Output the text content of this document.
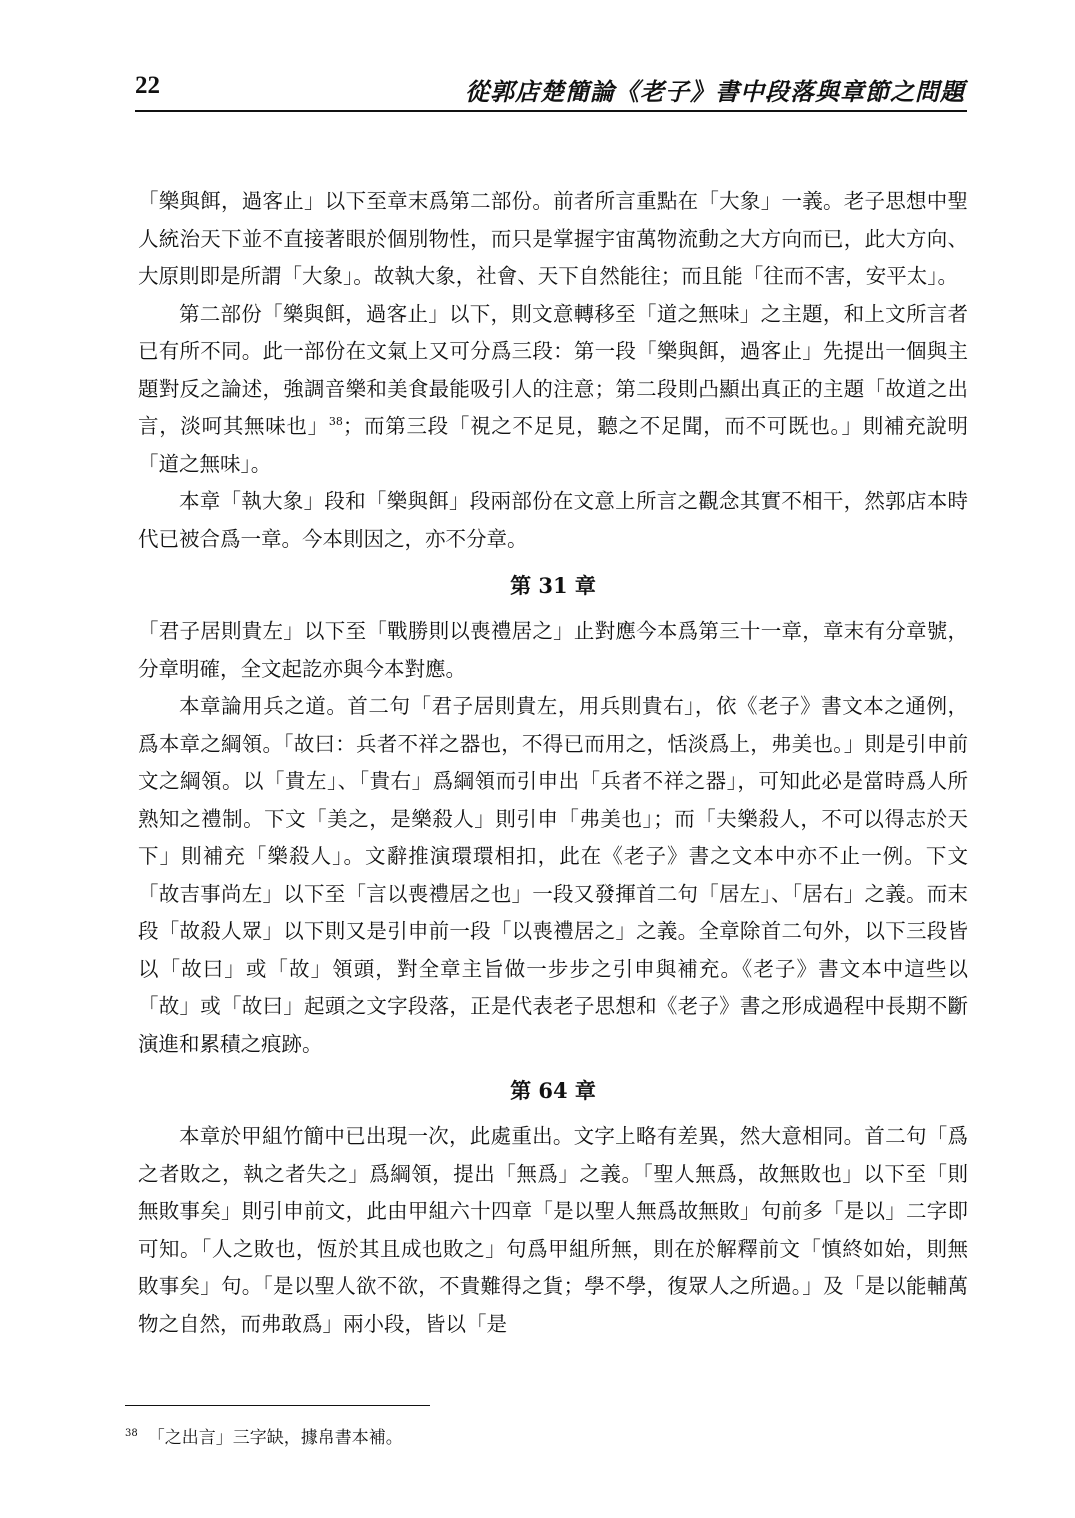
22	從郭店楚簡論《老子》書中段落與章節之問題

「樂與餌，過客止」以下至章末爲第二部份。前者所言重點在「大象」一義。老子思想中聖人統治天下並不直接著眼於個別物性，而只是掌握宇宙萬物流動之大方向而已，此大方向、大原則即是所謂「大象」。故執大象，社會、天下自然能往；而且能「往而不害，安平太」。

第二部份「樂與餌，過客止」以下，則文意轉移至「道之無味」之主題，和上文所言者已有所不同。此一部份在文氣上又可分爲三段：第一段「樂與餌，過客止」先提出一個與主題對反之論述，強調音樂和美食最能吸引人的注意；第二段則凸顯出真正的主題「故道之出言，淡呵其無味也」$^{38}$；而第三段「視之不足見，聽之不足聞，而不可既也。」則補充說明「道之無味」。

本章「執大象」段和「樂與餌」段兩部份在文意上所言之觀念其實不相干，然郭店本時代已被合爲一章。今本則因之，亦不分章。

第 31 章

「君子居則貴左」以下至「戰勝則以喪禮居之」止對應今本爲第三十一章，章末有分章號，分章明確，全文起訖亦與今本對應。

本章論用兵之道。首二句「君子居則貴左，用兵則貴右」，依《老子》書文本之通例，爲本章之綱領。「故曰：兵者不祥之器也，不得已而用之，恬淡爲上，弗美也。」則是引申前文之綱領。以「貴左」、「貴右」爲綱領而引申出「兵者不祥之器」，可知此必是當時爲人所熟知之禮制。下文「美之，是樂殺人」則引申「弗美也」；而「夫樂殺人，不可以得志於天下」則補充「樂殺人」。文辭推演環環相扣，此在《老子》書之文本中亦不止一例。下文「故吉事尚左」以下至「言以喪禮居之也」一段又發揮首二句「居左」、「居右」之義。而末段「故殺人眾」以下則又是引申前一段「以喪禮居之」之義。全章除首二句外，以下三段皆以「故曰」或「故」領頭，對全章主旨做一步步之引申與補充。《老子》書文本中這些以「故」或「故曰」起頭之文字段落，正是代表老子思想和《老子》書之形成過程中長期不斷演進和累積之痕跡。

第 64 章

本章於甲組竹簡中已出現一次，此處重出。文字上略有差異，然大意相同。首二句「爲之者敗之，執之者失之」爲綱領，提出「無爲」之義。「聖人無爲，故無敗也」以下至「則無敗事矣」則引申前文，此由甲組六十四章「是以聖人無爲故無敗」句前多「是以」二字即可知。「人之敗也，恆於其且成也敗之」句爲甲組所無，則在於解釋前文「慎終如始，則無敗事矣」句。「是以聖人欲不欲，不貴難得之貨；學不學，復眾人之所過。」及「是以能輔萬物之自然，而弗敢爲」兩小段，皆以「是

$^{38}$ 「之出言」三字缺，據帛書本補。
